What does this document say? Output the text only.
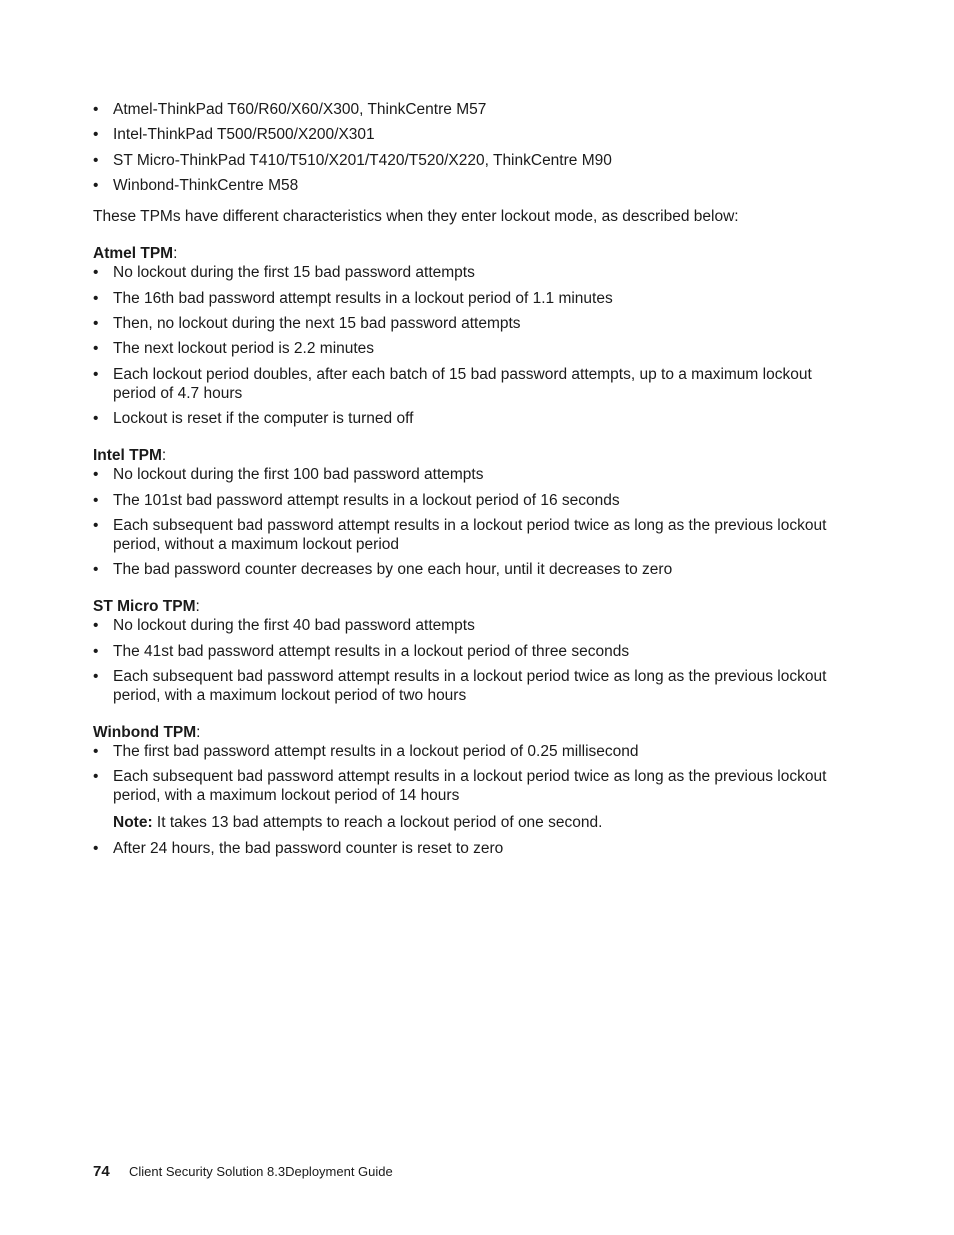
• Atmel-ThinkPad T60/R60/X60/X300, ThinkCentre M57
• Intel-ThinkPad T500/R500/X200/X301
• ST Micro-ThinkPad T410/T510/X201/T420/T520/X220, ThinkCentre M90
• Winbond-ThinkCentre M58

These TPMs have different characteristics when they enter lockout mode, as described below:

Atmel TPM:
• No lockout during the first 15 bad password attempts
• The 16th bad password attempt results in a lockout period of 1.1 minutes
• Then, no lockout during the next 15 bad password attempts
• The next lockout period is 2.2 minutes
• Each lockout period doubles, after each batch of 15 bad password attempts, up to a maximum lockout period of 4.7 hours
• Lockout is reset if the computer is turned off
Intel TPM:
• No lockout during the first 100 bad password attempts
• The 101st bad password attempt results in a lockout period of 16 seconds
• Each subsequent bad password attempt results in a lockout period twice as long as the previous lockout period, without a maximum lockout period
• The bad password counter decreases by one each hour, until it decreases to zero
ST Micro TPM:
• No lockout during the first 40 bad password attempts
• The 41st bad password attempt results in a lockout period of three seconds
• Each subsequent bad password attempt results in a lockout period twice as long as the previous lockout period, with a maximum lockout period of two hours
Winbond TPM:
• The first bad password attempt results in a lockout period of 0.25 millisecond
• Each subsequent bad password attempt results in a lockout period twice as long as the previous lockout period, with a maximum lockout period of 14 hours
Note: It takes 13 bad attempts to reach a lockout period of one second.
• After 24 hours, the bad password counter is reset to zero
74	Client Security Solution 8.3Deployment Guide
